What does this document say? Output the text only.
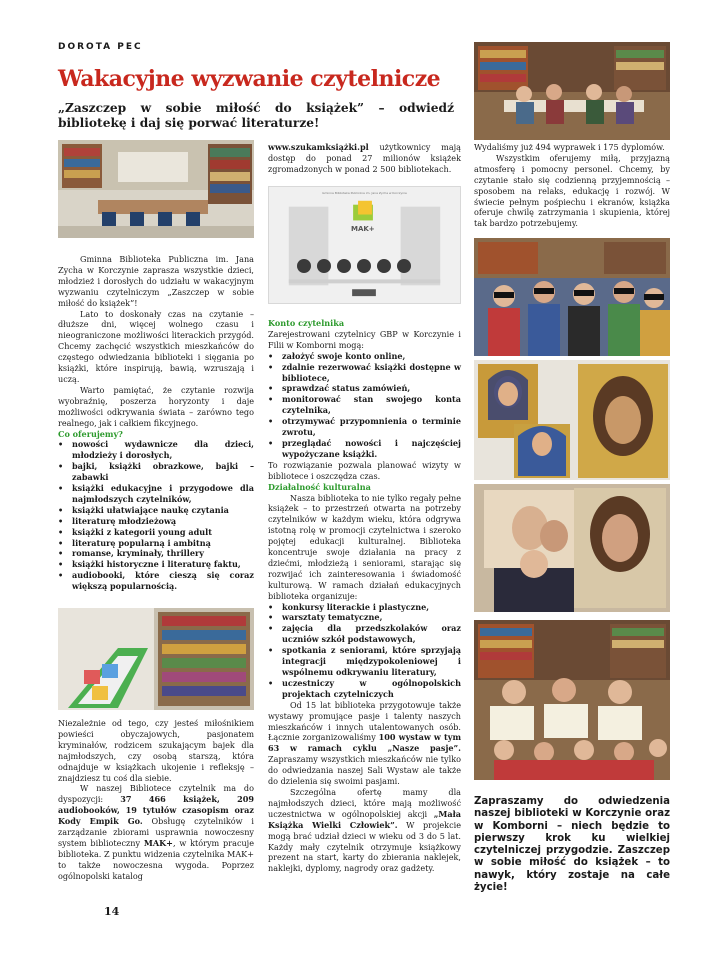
DOROTA PEC
Wakacyjne wyzwanie czytelnicze
„Zaszczep w sobie miłość do książek” – odwiedź bibliotekę i daj się porwać literaturze!

Gminna Biblioteka Publiczna im. Jana Zycha w Korczynie zaprasza wszystkie dzieci, młodzież i dorosłych do udziału w wakacyjnym wyzwaniu czytelniczym „Zaszczep w sobie miłość do książek”!

Lato to doskonały czas na czytanie – dłuższe dni, więcej wolnego czasu i nieograniczone możliwości literackich przygód. Chcemy zachęcić wszystkich mieszkańców do częstego odwiedzania biblioteki i sięgania po książki, które inspirują, bawią, wzruszają i uczą.

Warto pamiętać, że czytanie rozwija wyobraźnię, poszerza horyzonty i daje możliwości odkrywania świata – zarówno tego realnego, jak i całkiem fikcyjnego.

Co oferujemy?

• nowości wydawnicze dla dzieci, młodzieży i dorosłych,
• bajki, książki obrazkowe, bajki – zabawki
• książki edukacyjne i przygodowe dla najmłodszych czytelników,
• książki ułatwiające naukę czytania
• literaturę młodzieżową
• książki z kategorii young adult
• literaturę popularną i ambitną
• romanse, kryminały, thrillery
• książki historyczne i literaturę faktu,
• audiobooki, które cieszą się coraz większą popularnością.

Niezależnie od tego, czy jesteś miłośnikiem powieści obyczajowych, pasjonatem kryminałów, rodzicem szukającym bajek dla najmłodszych, czy osobą starszą, która odnajduje w książkach ukojenie i refleksję – znajdziesz tu coś dla siebie.

W naszej Bibliotece czytelnik ma do dyspozycji: 37 466 książek, 209 audiobooków, 19 tytułów czasopism oraz Kody Empik Go. Obsługę czytelników i zarządzanie zbiorami usprawnia nowoczesny system biblioteczny MAK+, w którym pracuje biblioteka. Z punktu widzenia czytelnika MAK+ to także nowoczesna wygoda. Poprzez ogólnopolski katalog

www.szukamksiążki.pl użytkownicy mają dostęp do ponad 27 milionów książek zgromadzonych w ponad 2 500 bibliotekach.

Gminna Biblioteka Publiczna im. Jana Zycha w Korczynie
MAK+

Konto czytelnika

Zarejestrowani czytelnicy GBP w Korczynie i Filii w Komborni mogą:

• założyć swoje konto online,
• zdalnie rezerwować książki dostępne w bibliotece,
• sprawdzać status zamówień,
• monitorować stan swojego konta czytelnika,
• otrzymywać przypomnienia o terminie zwrotu,
• przeglądać nowości i najczęściej wypożyczane książki.

To rozwiązanie pozwala planować wizyty w bibliotece i oszczędza czas.

Działalność kulturalna

Nasza biblioteka to nie tylko regały pełne książek – to przestrzeń otwarta na potrzeby czytelników w każdym wieku, która odgrywa istotną rolę w promocji czytelnictwa i szeroko pojętej edukacji kulturalnej. Biblioteka koncentruje swoje działania na pracy z dziećmi, młodzieżą i seniorami, starając się rozwijać ich zainteresowania i świadomość kulturową. W ramach działań edukacyjnych biblioteka organizuje:

• konkursy literackie i plastyczne,
• warsztaty tematyczne,
• zajęcia dla przedszkolaków oraz uczniów szkół podstawowych,
• spotkania z seniorami, które sprzyjają integracji międzypokoleniowej i wspólnemu odkrywaniu literatury,
• uczestniczy w ogólnopolskich projektach czytelniczych

Od 15 lat biblioteka przygotowuje także wystawy promujące pasje i talenty naszych mieszkańców i innych utalentowanych osób. Łącznie zorganizowaliśmy 100 wystaw w tym 63 w ramach cyklu „Nasze pasje”. Zapraszamy wszystkich mieszkańców nie tylko do odwiedzania naszej Sali Wystaw ale także do dzielenia się swoimi pasjami.

Szczególna ofertę mamy dla najmłodszych dzieci, które mają możliwość uczestnictwa w ogólnopolskiej akcji „Mała Książka Wielki Człowiek”. W projekcie mogą brać udział dzieci w wieku od 3 do 5 lat. Każdy mały czytelnik otrzymuje książkowy prezent na start, karty do zbierania naklejek, naklejki, dyplomy, nagrody oraz gadżety.

Wydaliśmy już 494 wyprawek i 175 dyplomów.

Wszystkim oferujemy miłą, przyjazną atmosferę i pomocny personel. Chcemy, by czytanie stało się codzienną przyjemnością – sposobem na relaks, edukację i rozwój. W świecie pełnym pośpiechu i ekranów, książka oferuje chwilę zatrzymania i skupienia, której tak bardzo potrzebujemy.

Zapraszamy do odwiedzenia naszej biblioteki w Korczynie oraz w Komborni – niech będzie to pierwszy krok ku wielkiej czytelniczej przygodzie. Zaszczep w sobie miłość do książek – to nawyk, który zostaje na całe życie!
14
